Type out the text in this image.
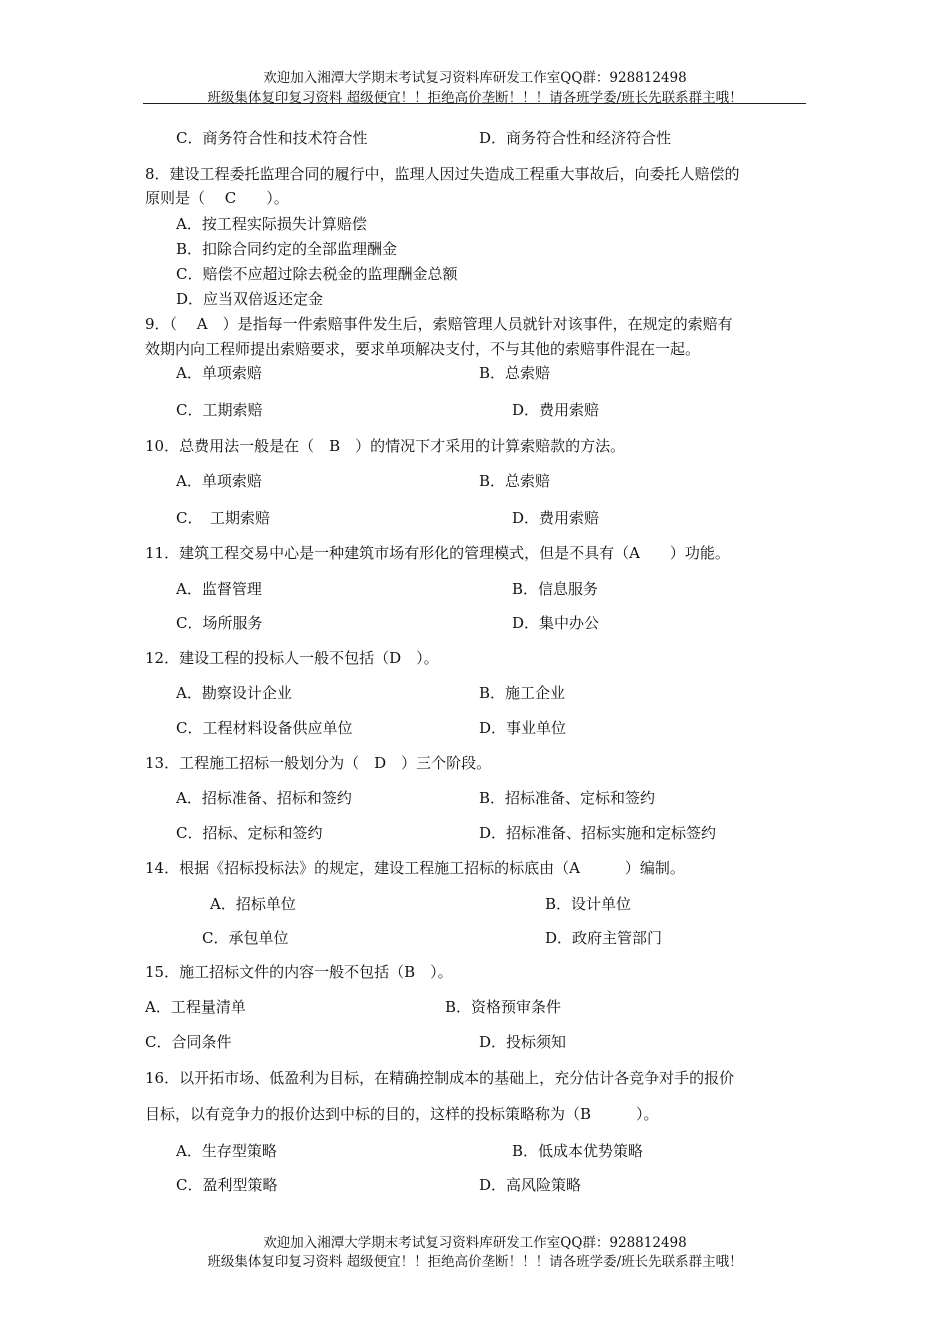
欢迎加入湘潭大学期末考试复习资料库研发工作室QQ群：928812498
班级集体复印复习资料 超级便宜！！拒绝高价垄断！！！请各班学委/班长先联系群主哦！
C．商务符合性和技术符合性	D．商务符合性和经济符合性
8．建设工程委托监理合同的履行中，监理人因过失造成工程重大事故后，向委托人赔偿的
原则是（　 C　　）。
A．按工程实际损失计算赔偿
B．扣除合同约定的全部监理酬金
C．赔偿不应超过除去税金的监理酬金总额
D．应当双倍返还定金
9．（　 A　）是指每一件索赔事件发生后，索赔管理人员就针对该事件，在规定的索赔有
效期内向工程师提出索赔要求，要求单项解决支付，不与其他的索赔事件混在一起。
A．单项索赔	B．总索赔
C．工期索赔	D．费用索赔
10．总费用法一般是在（　B　）的情况下才采用的计算索赔款的方法。
A．单项索赔	B．总索赔
C．　工期索赔	D．费用索赔
11．建筑工程交易中心是一种建筑市场有形化的管理模式，但是不具有（A　　）功能。
A．监督管理	B．信息服务
C．场所服务	D．集中办公
12．建设工程的投标人一般不包括（D　）。
A．勘察设计企业	B．施工企业
C．工程材料设备供应单位	D．事业单位
13．工程施工招标一般划分为（　D　）三个阶段。
A．招标准备、招标和签约	B．招标准备、定标和签约
C．招标、定标和签约	D．招标准备、招标实施和定标签约
14．根据《招标投标法》的规定，建设工程施工招标的标底由（A　　　）编制。
A．招标单位	B．设计单位
C．承包单位	D．政府主管部门
15．施工招标文件的内容一般不包括（B　）。
A．工程量清单	B．资格预审条件
C．合同条件	D．投标须知
16．以开拓市场、低盈利为目标，在精确控制成本的基础上，充分估计各竞争对手的报价
目标，以有竞争力的报价达到中标的目的，这样的投标策略称为（B　　　）。
A．生存型策略	B．低成本优势策略
C．盈利型策略	D．高风险策略
欢迎加入湘潭大学期末考试复习资料库研发工作室QQ群：928812498
班级集体复印复习资料 超级便宜！！拒绝高价垄断！！！请各班学委/班长先联系群主哦！
